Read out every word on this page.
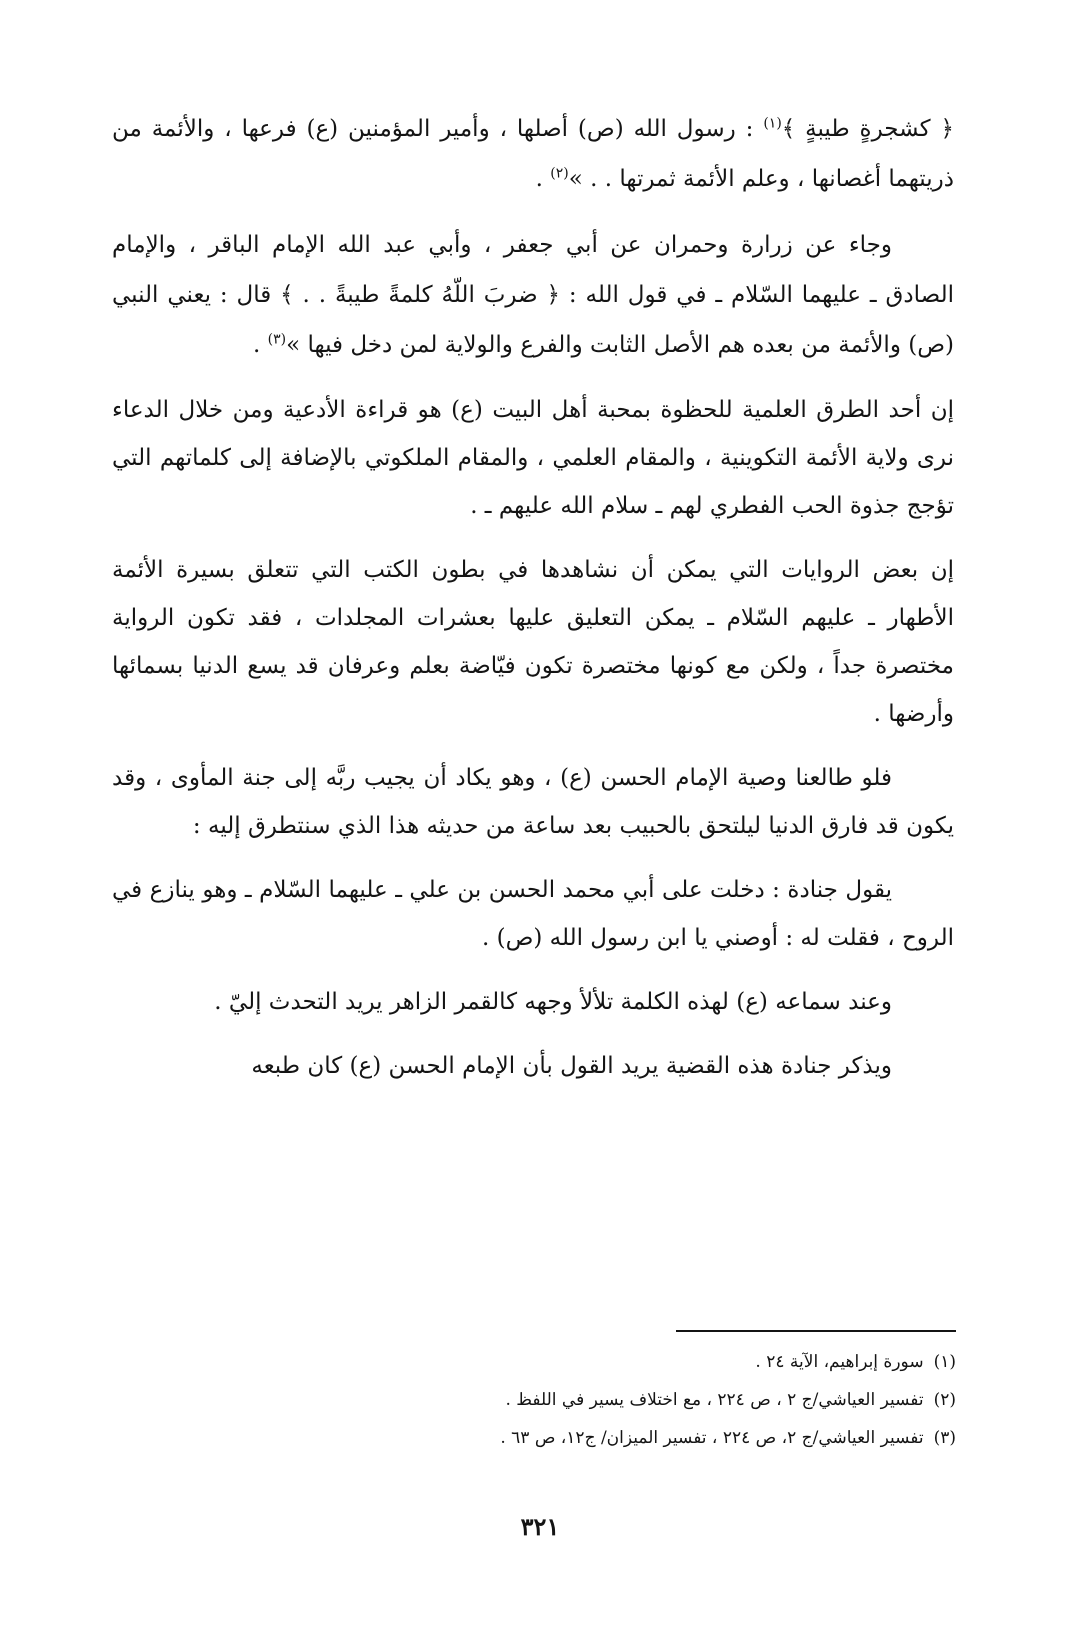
﴿ كشجرةٍ طيبةٍ ﴾$^{(١)}$ : رسول الله (ص) أصلها ، وأمير المؤمنين (ع) فرعها ، والأئمة من ذريتهما أغصانها ، وعلم الأئمة ثمرتها . . »$^{(٢)}$ .

وجاء عن زرارة وحمران عن أبي جعفر ، وأبي عبد الله الإمام الباقر ، والإمام الصادق ـ عليهما السّلام ـ في قول الله : ﴿ ضربَ اللّهُ كلمةً طيبةً . . ﴾ قال : يعني النبي (ص) والأئمة من بعده هم الأصل الثابت والفرع والولاية لمن دخل فيها »$^{(٣)}$ .

إن أحد الطرق العلمية للحظوة بمحبة أهل البيت (ع) هو قراءة الأدعية ومن خلال الدعاء نرى ولاية الأئمة التكوينية ، والمقام العلمي ، والمقام الملكوتي بالإضافة إلى كلماتهم التي تؤجج جذوة الحب الفطري لهم ـ سلام الله عليهم ـ .

إن بعض الروايات التي يمكن أن نشاهدها في بطون الكتب التي تتعلق بسيرة الأئمة الأطهار ـ عليهم السّلام ـ يمكن التعليق عليها بعشرات المجلدات ، فقد تكون الرواية مختصرة جداً ، ولكن مع كونها مختصرة تكون فيّاضة بعلم وعرفان قد يسع الدنيا بسمائها وأرضها .

فلو طالعنا وصية الإمام الحسن (ع) ، وهو يكاد أن يجيب ربَّه إلى جنة المأوى ، وقد يكون قد فارق الدنيا ليلتحق بالحبيب بعد ساعة من حديثه هذا الذي سنتطرق إليه :

يقول جنادة : دخلت على أبي محمد الحسن بن علي ـ عليهما السّلام ـ وهو ينازع في الروح ، فقلت له : أوصني يا ابن رسول الله (ص) .

وعند سماعه (ع) لهذه الكلمة تلألأ وجهه كالقمر الزاهر يريد التحدث إليّ .

ويذكر جنادة هذه القضية يريد القول بأن الإمام الحسن (ع) كان طبعه

(١)سورة إبراهيم، الآية ٢٤ .

(٢)تفسير العياشي/ج ٢ ، ص ٢٢٤ ، مع اختلاف يسير في اللفظ .

(٣)تفسير العياشي/ج ٢، ص ٢٢٤ ، تفسير الميزان/ ج١٢، ص ٦٣ .

٣٢١
